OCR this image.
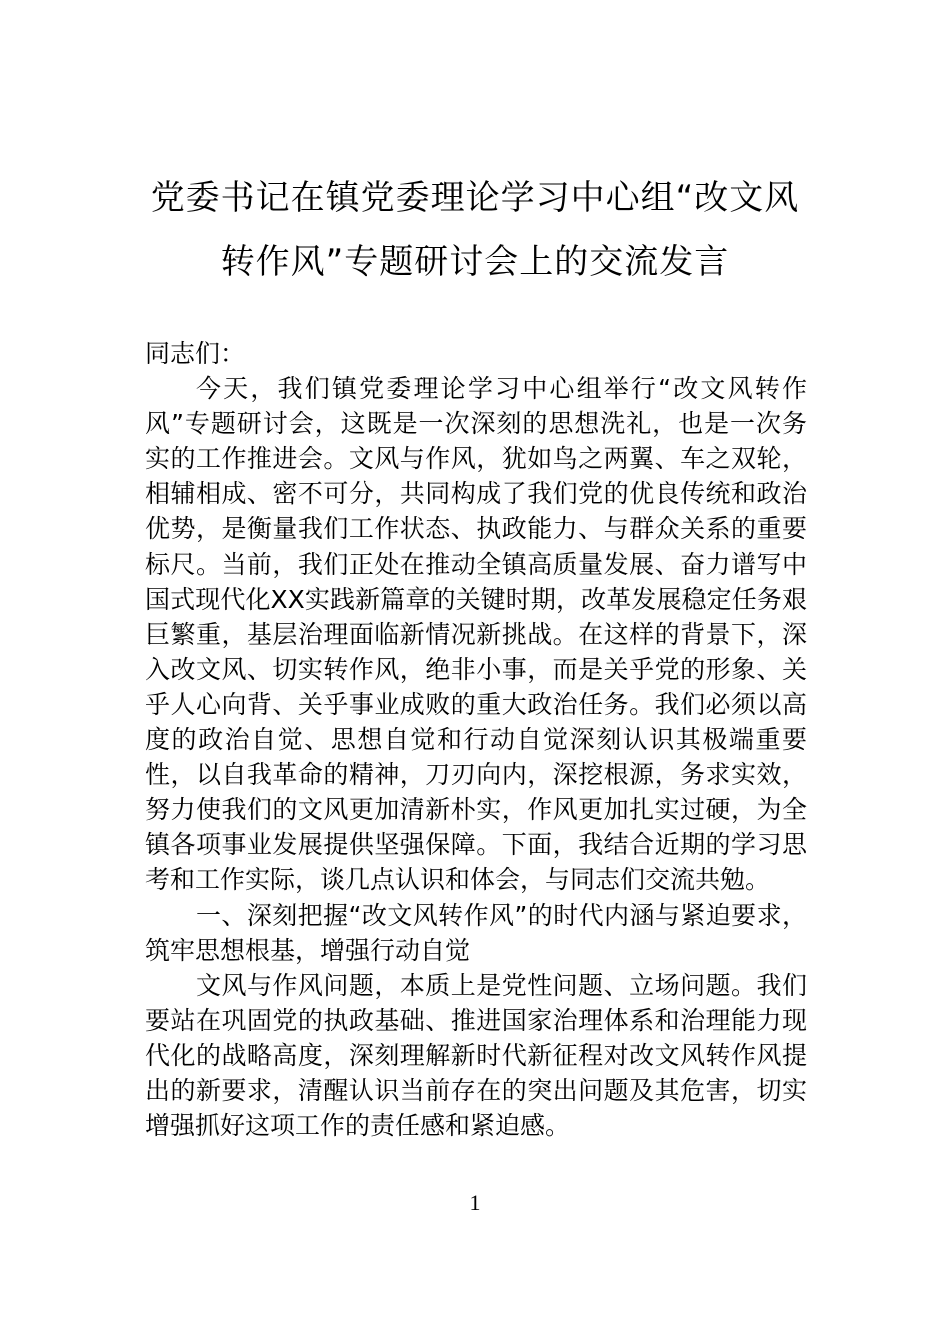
党委书记在镇党委理论学习中心组“改文风转作风”专题研讨会上的交流发言

同志们：

今天，我们镇党委理论学习中心组举行“改文风转作风”专题研讨会，这既是一次深刻的思想洗礼，也是一次务实的工作推进会。文风与作风，犹如鸟之两翼、车之双轮，相辅相成、密不可分，共同构成了我们党的优良传统和政治优势，是衡量我们工作状态、执政能力、与群众关系的重要标尺。当前，我们正处在推动全镇高质量发展、奋力谱写中国式现代化XX实践新篇章的关键时期，改革发展稳定任务艰巨繁重，基层治理面临新情况新挑战。在这样的背景下，深入改文风、切实转作风，绝非小事，而是关乎党的形象、关乎人心向背、关乎事业成败的重大政治任务。我们必须以高度的政治自觉、思想自觉和行动自觉深刻认识其极端重要性，以自我革命的精神，刀刃向内，深挖根源，务求实效，努力使我们的文风更加清新朴实，作风更加扎实过硬，为全镇各项事业发展提供坚强保障。下面，我结合近期的学习思考和工作实际，谈几点认识和体会，与同志们交流共勉。

一、深刻把握“改文风转作风”的时代内涵与紧迫要求，筑牢思想根基，增强行动自觉

文风与作风问题，本质上是党性问题、立场问题。我们要站在巩固党的执政基础、推进国家治理体系和治理能力现代化的战略高度，深刻理解新时代新征程对改文风转作风提出的新要求，清醒认识当前存在的突出问题及其危害，切实增强抓好这项工作的责任感和紧迫感。

1
